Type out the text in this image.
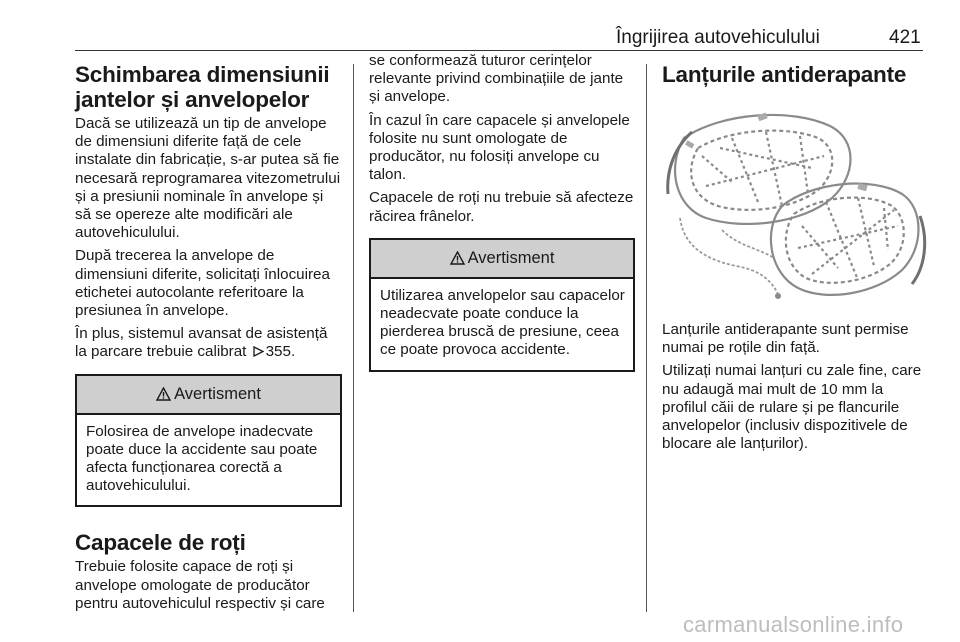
Îngrijirea autovehiculului	421
Schimbarea dimensiunii
jantelor și anvelopelor

Dacă se utilizează un tip de anvelope de dimensiuni diferite față de cele instalate din fabricație, s-ar putea să fie necesară reprogramarea vitezometrului și a presiunii nominale în anvelope și să se opereze alte modificări ale autovehiculului.

După trecerea la anvelope de dimensiuni diferite, solicitați înlocuirea etichetei autocolante referitoare la presiunea în anvelope.

În plus, sistemul avansat de asistență la parcare trebuie calibrat 355.

Avertisment

Folosirea de anvelope inadecvate poate duce la accidente sau poate afecta funcționarea corectă a autovehiculului.

Capacele de roți

Trebuie folosite capace de roți și anvelope omologate de producător pentru autovehiculul respectiv și care

se conformează tuturor cerințelor relevante privind combinațiile de jante și anvelope.

În cazul în care capacele și anvelopele folosite nu sunt omologate de producător, nu folosiți anvelope cu talon.

Capacele de roți nu trebuie să afecteze răcirea frânelor.

Avertisment

Utilizarea anvelopelor sau capacelor neadecvate poate conduce la pierderea bruscă de presiune, ceea ce poate provoca accidente.

Lanțurile antiderapante

Lanțurile antiderapante sunt permise numai pe roțile din față.

Utilizați numai lanțuri cu zale fine, care nu adaugă mai mult de 10 mm la profilul căii de rulare și pe flancurile anvelopelor (inclusiv dispozitivele de blocare ale lanțurilor).

carmanualsonline.info
